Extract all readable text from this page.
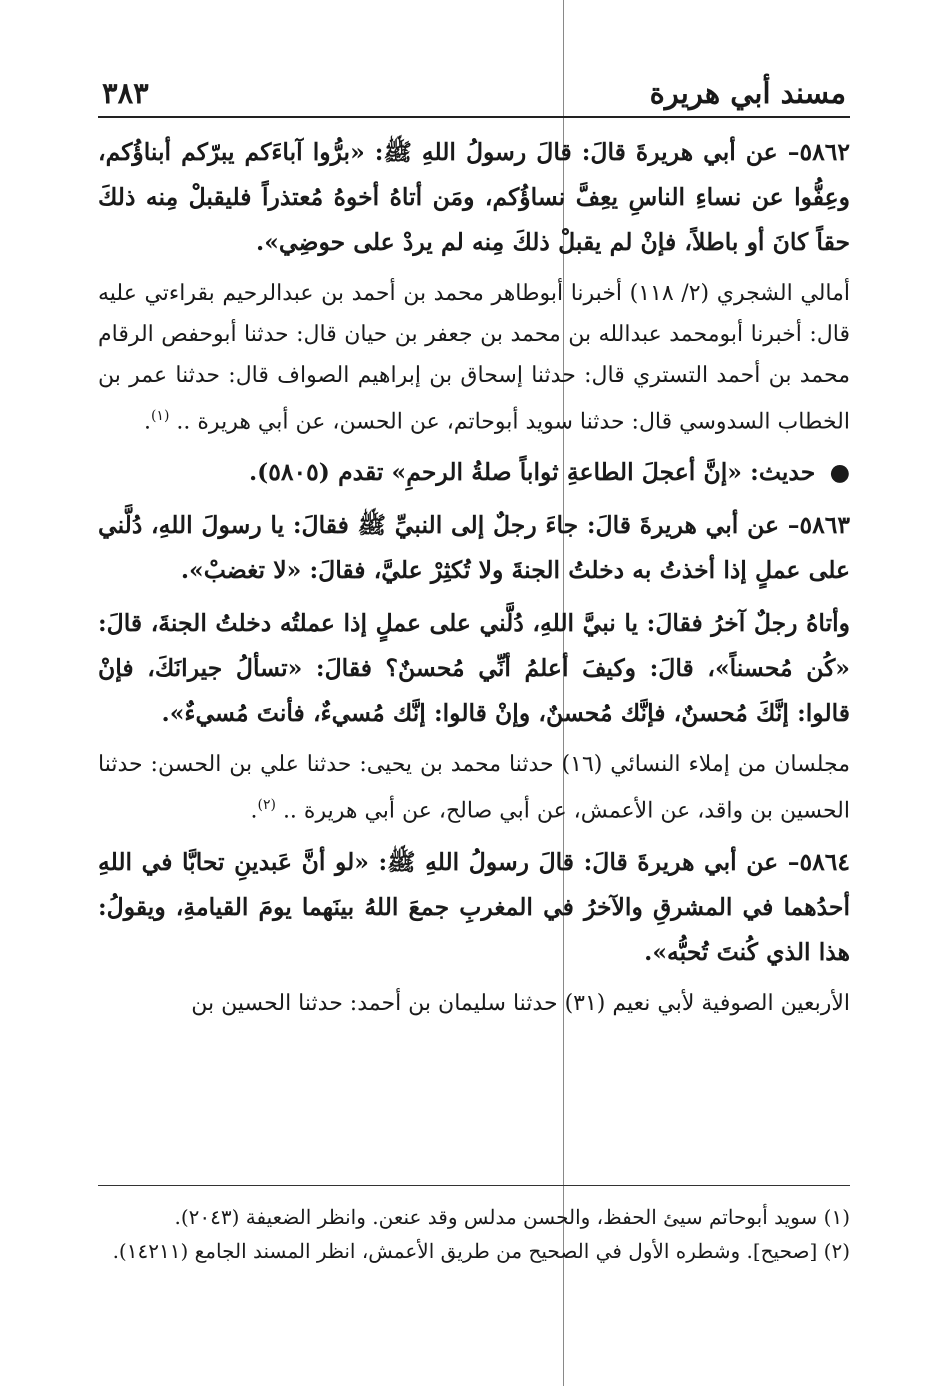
مسند أبي هريرة
٣٨٣

٥٨٦٢– عن أبي هريرةَ قالَ: قالَ رسولُ اللهِ ﷺ: «برُّوا آباءَكم يبرّكم أبناؤُكم، وعِفُّوا عن نساءِ الناسِ يعِفَّ نساؤُكم، ومَن أتاهُ أخوهُ مُعتذراً فليقبلْ مِنه ذلكَ حقاً كانَ أو باطلاً، فإنْ لم يقبلْ ذلكَ مِنه لم يردْ على حوضِي».

أمالي الشجري (٢/ ١١٨) أخبرنا أبوطاهر محمد بن أحمد بن عبدالرحيم بقراءتي عليه قال: أخبرنا أبومحمد عبدالله بن محمد بن جعفر بن حيان قال: حدثنا أبوحفص الرقام محمد بن أحمد التستري قال: حدثنا إسحاق بن إبراهيم الصواف قال: حدثنا عمر بن الخطاب السدوسي قال: حدثنا سويد أبوحاتم، عن الحسن، عن أبي هريرة .. $^{(١)}$.

● حديث: «إنَّ أعجلَ الطاعةِ ثواباً صلةُ الرحمِ» تقدم (٥٨٠٥).

٥٨٦٣– عن أبي هريرةَ قالَ: جاءَ رجلٌ إلى النبيِّ ﷺ فقالَ: يا رسولَ اللهِ، دُلَّني على عملٍ إذا أخذتُ به دخلتُ الجنةَ ولا تُكثِرْ عليَّ، فقالَ: «لا تغضبْ».

وأتاهُ رجلٌ آخرُ فقالَ: يا نبيَّ اللهِ، دُلَّني على عملٍ إذا عملتُه دخلتُ الجنةَ، قالَ: «كُن مُحسناً»، قالَ: وكيفَ أعلمُ أنِّي مُحسنٌ؟ فقالَ: «تسألُ جيرانَكَ، فإنْ قالوا: إنَّكَ مُحسنٌ، فإنَّك مُحسنٌ، وإنْ قالوا: إنَّك مُسيءٌ، فأنتَ مُسيءٌ».

مجلسان من إملاء النسائي (١٦) حدثنا محمد بن يحيى: حدثنا علي بن الحسن: حدثنا الحسين بن واقد، عن الأعمش، عن أبي صالح، عن أبي هريرة .. $^{(٢)}$.

٥٨٦٤– عن أبي هريرةَ قالَ: قالَ رسولُ اللهِ ﷺ: «لو أنَّ عَبدينِ تحابَّا في اللهِ أحدُهما في المشرقِ والآخرُ في المغربِ جمعَ اللهُ بينَهما يومَ القيامةِ، ويقولُ: هذا الذي كُنتَ تُحبُّه».

الأربعين الصوفية لأبي نعيم (٣١) حدثنا سليمان بن أحمد: حدثنا الحسين بن

(١) سويد أبوحاتم سيئ الحفظ، والحسن مدلس وقد عنعن. وانظر الضعيفة (٢٠٤٣).
(٢) [صحيح]. وشطره الأول في الصحيح من طريق الأعمش، انظر المسند الجامع (١٤٢١١).
